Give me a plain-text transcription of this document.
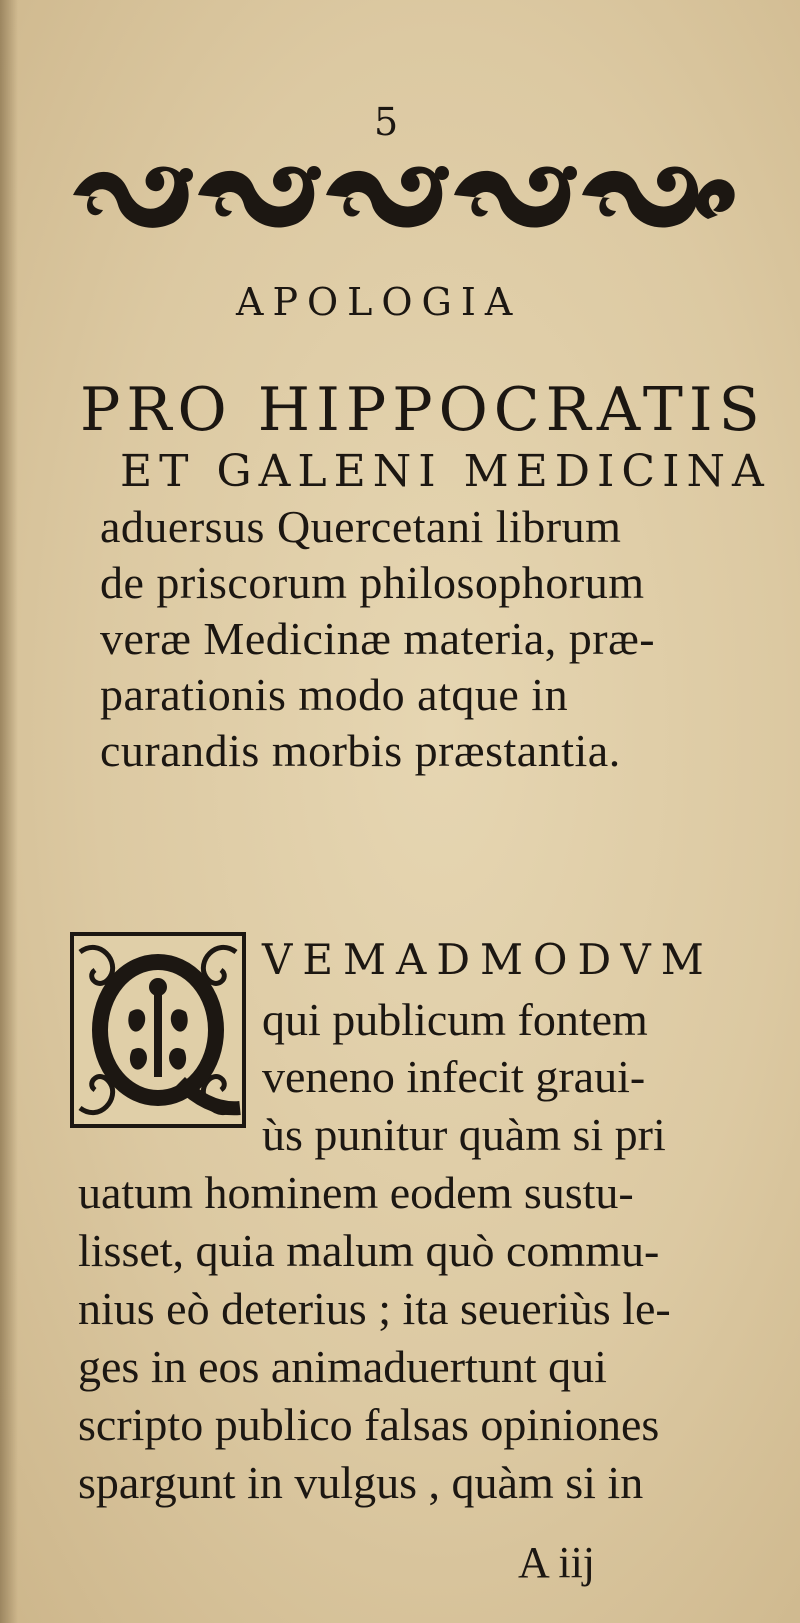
5
APOLOGIA
PRO HIPPOCRATIS
ET GALENI MEDICINA
aduersus Quercetani librum
de priscorum philosophorum
veræ Medicinæ materia, præ-
parationis modo atque in
curandis morbis præstantia.
VEMADMODVM
qui publicum fontem
veneno infecit graui-
ùs punitur quàm si pri
uatum hominem eodem sustu-
lisset, quia malum quò commu-
nius eò deterius ; ita seueriùs le-
ges in eos animaduertunt qui
scripto publico falsas opiniones
spargunt in vulgus , quàm si in
A iij
